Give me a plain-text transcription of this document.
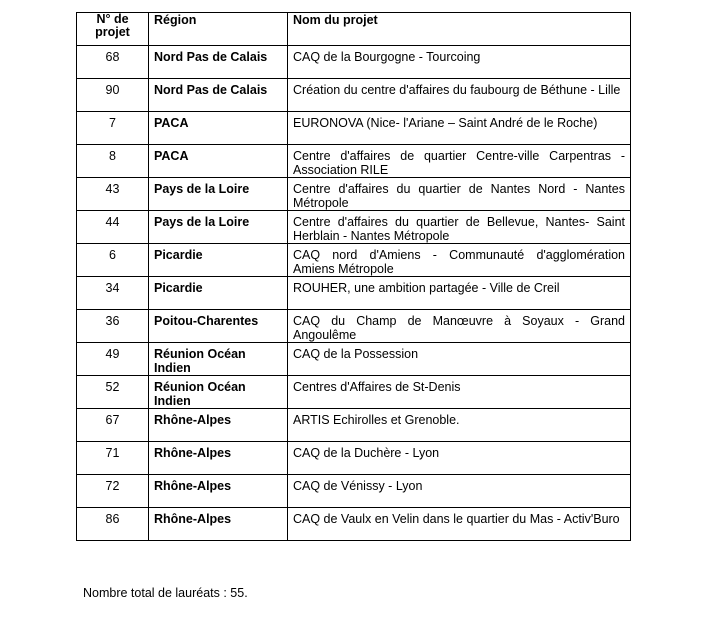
N° de projet	Région	Nom du projet
68	Nord Pas de Calais	CAQ de la Bourgogne - Tourcoing
90	Nord Pas de Calais	Création du centre d'affaires du faubourg de Béthune - Lille
7	PACA	EURONOVA (Nice- l'Ariane – Saint André de le Roche)
8	PACA	Centre d'affaires de quartier Centre-ville Carpentras - Association RILE
43	Pays de la Loire	Centre d'affaires du quartier de Nantes Nord - Nantes Métropole
44	Pays de la Loire	Centre d'affaires du quartier de Bellevue, Nantes- Saint Herblain - Nantes Métropole
6	Picardie	CAQ nord d'Amiens - Communauté d'agglomération Amiens Métropole
34	Picardie	ROUHER, une ambition partagée - Ville de Creil
36	Poitou-Charentes	CAQ du Champ de Manœuvre à Soyaux - Grand Angoulême
49	Réunion Océan Indien	CAQ de la Possession
52	Réunion Océan Indien	Centres d'Affaires de St-Denis
67	Rhône-Alpes	ARTIS Echirolles et Grenoble.
71	Rhône-Alpes	CAQ de la Duchère - Lyon
72	Rhône-Alpes	CAQ de Vénissy - Lyon
86	Rhône-Alpes	CAQ de Vaulx en Velin dans le quartier du Mas - Activ'Buro
Nombre total de lauréats : 55.
